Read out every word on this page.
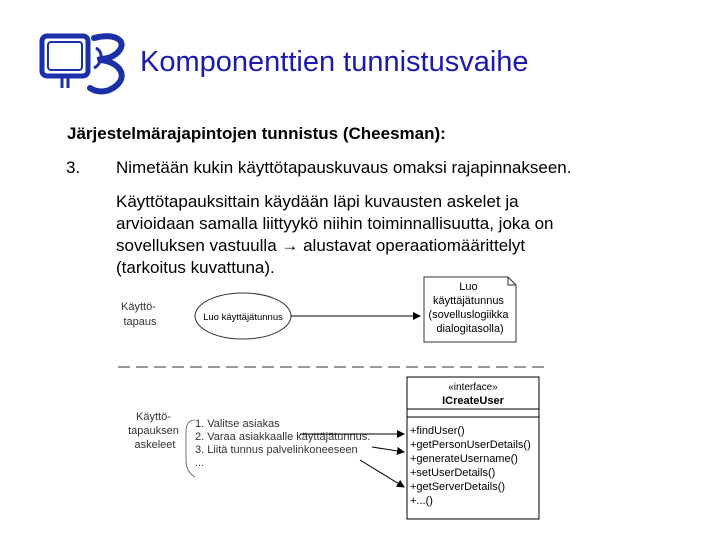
Komponenttien tunnistusvaihe
Järjestelmärajapintojen tunnistus (Cheesman):
3. Nimetään kukin käyttötapauskuvaus omaksi rajapinnakseen.
Käyttötapauksittain käydään läpi kuvausten askelet ja
arvioidaan samalla liittyykö niihin toiminnallisuutta, joka on
sovelluksen vastuulla → alustavat operaatiomäärittelyt
(tarkoitus kuvattuna).
Käyttö- tapaus	Luo käyttäjätunnus
Luo käyttäjätunnus (sovelluslogiikka dialogitasolla)
Käyttö- tapauksen askeleet
1. Valitse asiakas 2. Varaa asiakkaalle käyttäjätunnus. 3. Liitä tunnus palvelinkoneeseen ...
«interface»
ICreateUser
+findUser() +getPersonUserDetails() +generateUsername() +setUserDetails() +getServerDetails() +...()
